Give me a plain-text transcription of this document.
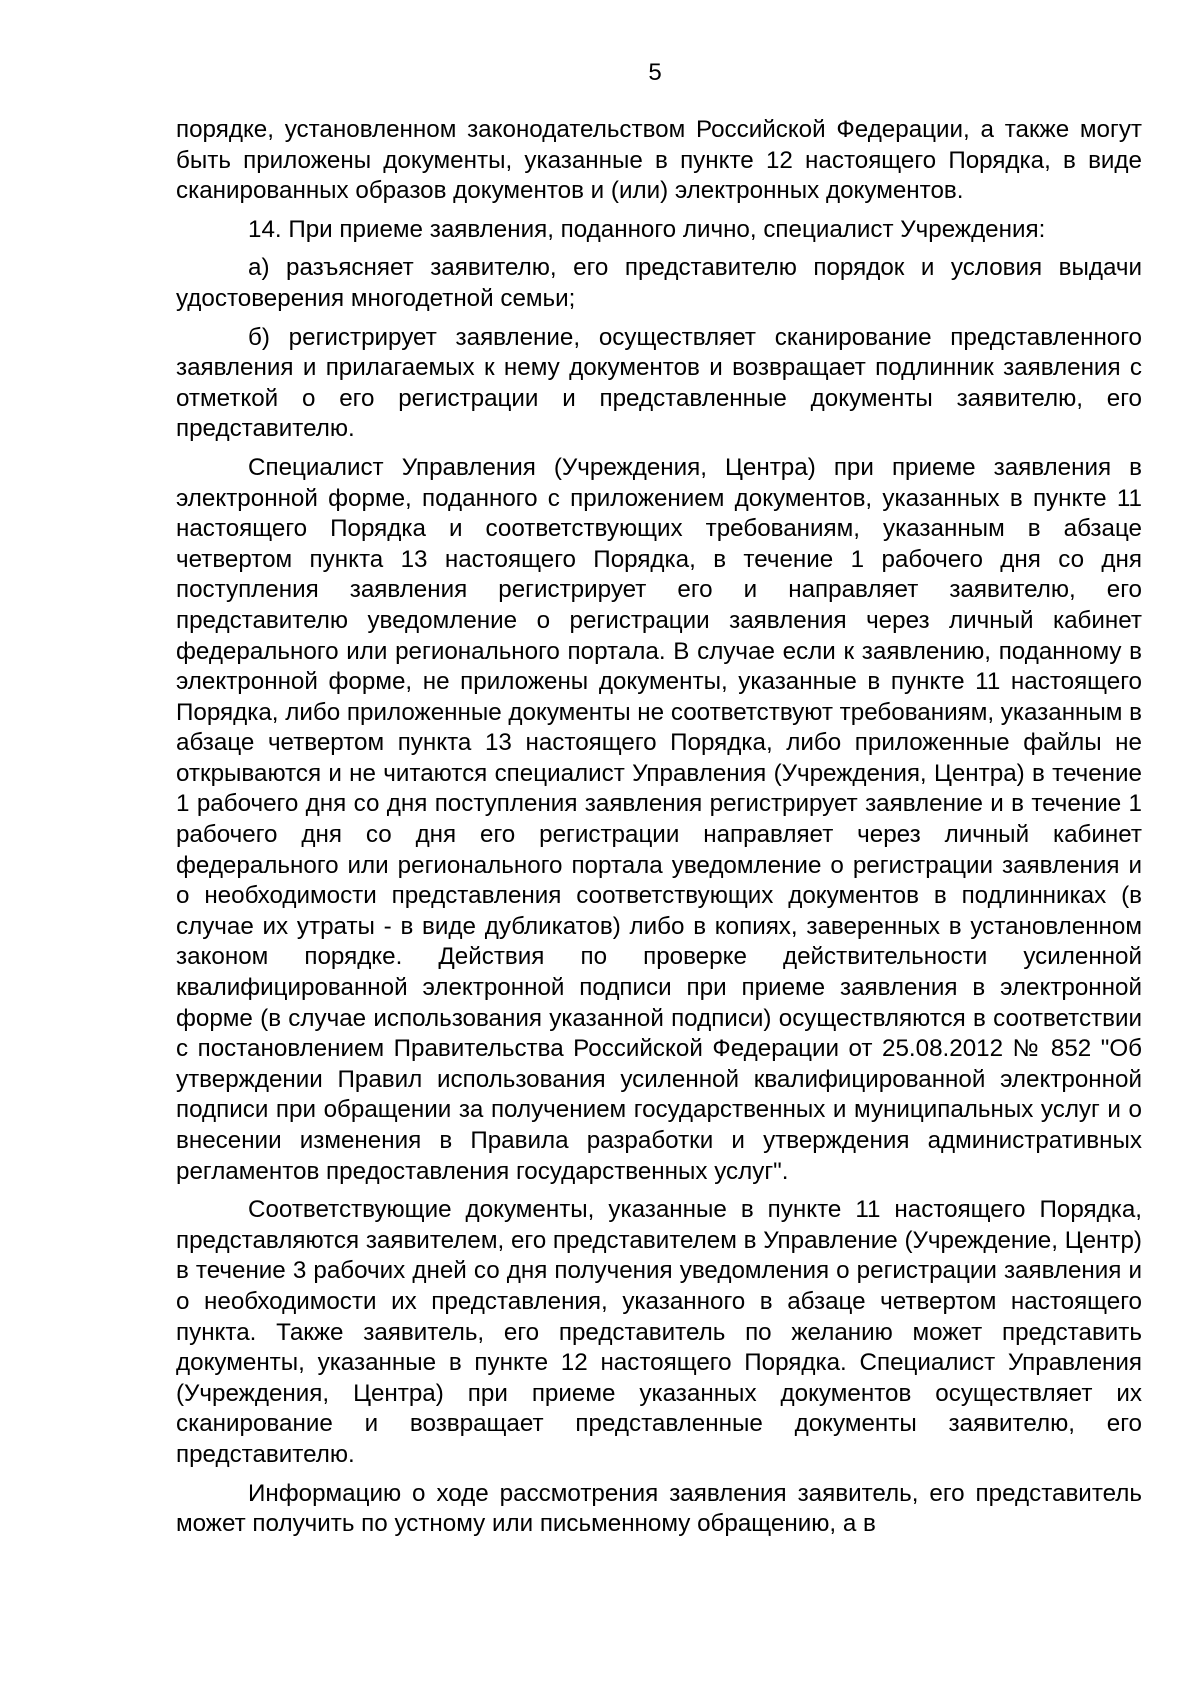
5

порядке, установленном законодательством Российской Федерации, а также могут быть приложены документы, указанные в пункте 12 настоящего Порядка, в виде сканированных образов документов и (или) электронных документов.

14. При приеме заявления, поданного лично, специалист Учреждения:

а) разъясняет заявителю, его представителю порядок и условия выдачи удостоверения многодетной семьи;

б) регистрирует заявление, осуществляет сканирование представленного заявления и прилагаемых к нему документов и возвращает подлинник заявления с отметкой о его регистрации и представленные документы заявителю, его представителю.

Специалист Управления (Учреждения, Центра) при приеме заявления в электронной форме, поданного с приложением документов, указанных в пункте 11 настоящего Порядка и соответствующих требованиям, указанным в абзаце четвертом пункта 13 настоящего Порядка, в течение 1 рабочего дня со дня поступления заявления регистрирует его и направляет заявителю, его представителю уведомление о регистрации заявления через личный кабинет федерального или регионального портала. В случае если к заявлению, поданному в электронной форме, не приложены документы, указанные в пункте 11 настоящего Порядка, либо приложенные документы не соответствуют требованиям, указанным в абзаце четвертом пункта 13 настоящего Порядка, либо приложенные файлы не открываются и не читаются специалист Управления (Учреждения, Центра) в течение 1 рабочего дня со дня поступления заявления регистрирует заявление и в течение 1 рабочего дня со дня его регистрации направляет через личный кабинет федерального или регионального портала уведомление о регистрации заявления и о необходимости представления соответствующих документов в подлинниках (в случае их утраты - в виде дубликатов) либо в копиях, заверенных в установленном законом порядке. Действия по проверке действительности усиленной квалифицированной электронной подписи при приеме заявления в электронной форме (в случае использования указанной подписи) осуществляются в соответствии с постановлением Правительства Российской Федерации от 25.08.2012 № 852 "Об утверждении Правил использования усиленной квалифицированной электронной подписи при обращении за получением государственных и муниципальных услуг и о внесении изменения в Правила разработки и утверждения административных регламентов предоставления государственных услуг".

Соответствующие документы, указанные в пункте 11 настоящего Порядка, представляются заявителем, его представителем в Управление (Учреждение, Центр) в течение 3 рабочих дней со дня получения уведомления о регистрации заявления и о необходимости их представления, указанного в абзаце четвертом настоящего пункта. Также заявитель, его представитель по желанию может представить документы, указанные в пункте 12 настоящего Порядка. Специалист Управления (Учреждения, Центра) при приеме указанных документов осуществляет их сканирование и возвращает представленные документы заявителю, его представителю.

Информацию о ходе рассмотрения заявления заявитель, его представитель может получить по устному или письменному обращению, а в
